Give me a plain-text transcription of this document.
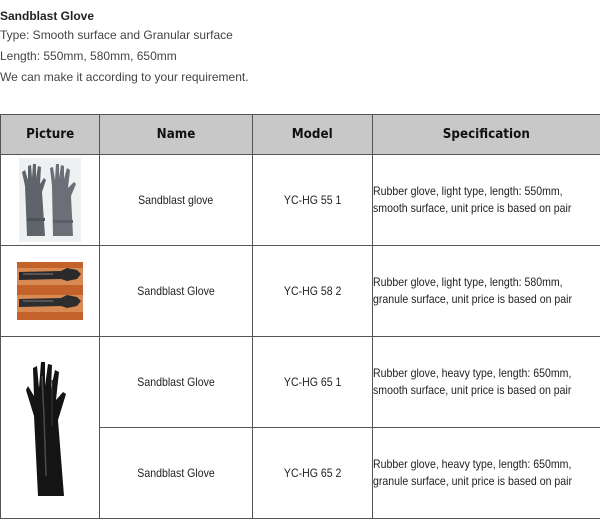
Sandblast Glove
Type: Smooth surface and Granular surface
Length: 550mm, 580mm, 650mm
We can make it according to your requirement.
Picture	Name	Model	Specification
	Sandblast glove	YC-HG 55 1	Rubber glove, light type, length: 550mm,
smooth surface, unit price is based on pair

	Sandblast Glove	YC-HG 58 2	Rubber glove, light type, length: 580mm,
granule surface, unit price is based on pair

	Sandblast Glove	YC-HG 65 1	Rubber glove, heavy type, length: 650mm,
smooth surface, unit price is based on pair

	Sandblast Glove	YC-HG 65 2	Rubber glove, heavy type, length: 650mm,
granule surface, unit price is based on pair
